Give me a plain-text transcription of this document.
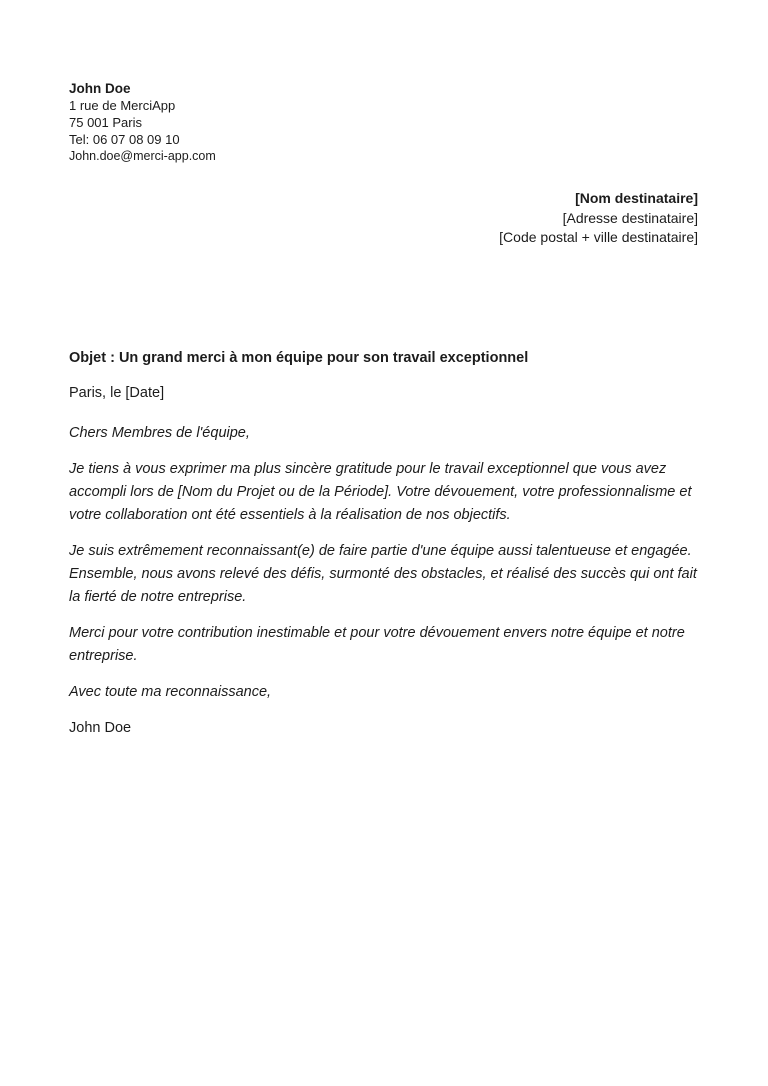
John Doe
1 rue de MerciApp
75 001 Paris
Tel: 06 07 08 09 10
John.doe@merci-app.com
[Nom destinataire]
[Adresse destinataire]
[Code postal + ville destinataire]
Objet : Un grand merci à mon équipe pour son travail exceptionnel
Paris, le [Date]
Chers Membres de l'équipe,
Je tiens à vous exprimer ma plus sincère gratitude pour le travail exceptionnel que vous avez accompli lors de [Nom du Projet ou de la Période]. Votre dévouement, votre professionnalisme et votre collaboration ont été essentiels à la réalisation de nos objectifs.
Je suis extrêmement reconnaissant(e) de faire partie d'une équipe aussi talentueuse et engagée. Ensemble, nous avons relevé des défis, surmonté des obstacles, et réalisé des succès qui ont fait la fierté de notre entreprise.
Merci pour votre contribution inestimable et pour votre dévouement envers notre équipe et notre entreprise.
Avec toute ma reconnaissance,
John Doe
